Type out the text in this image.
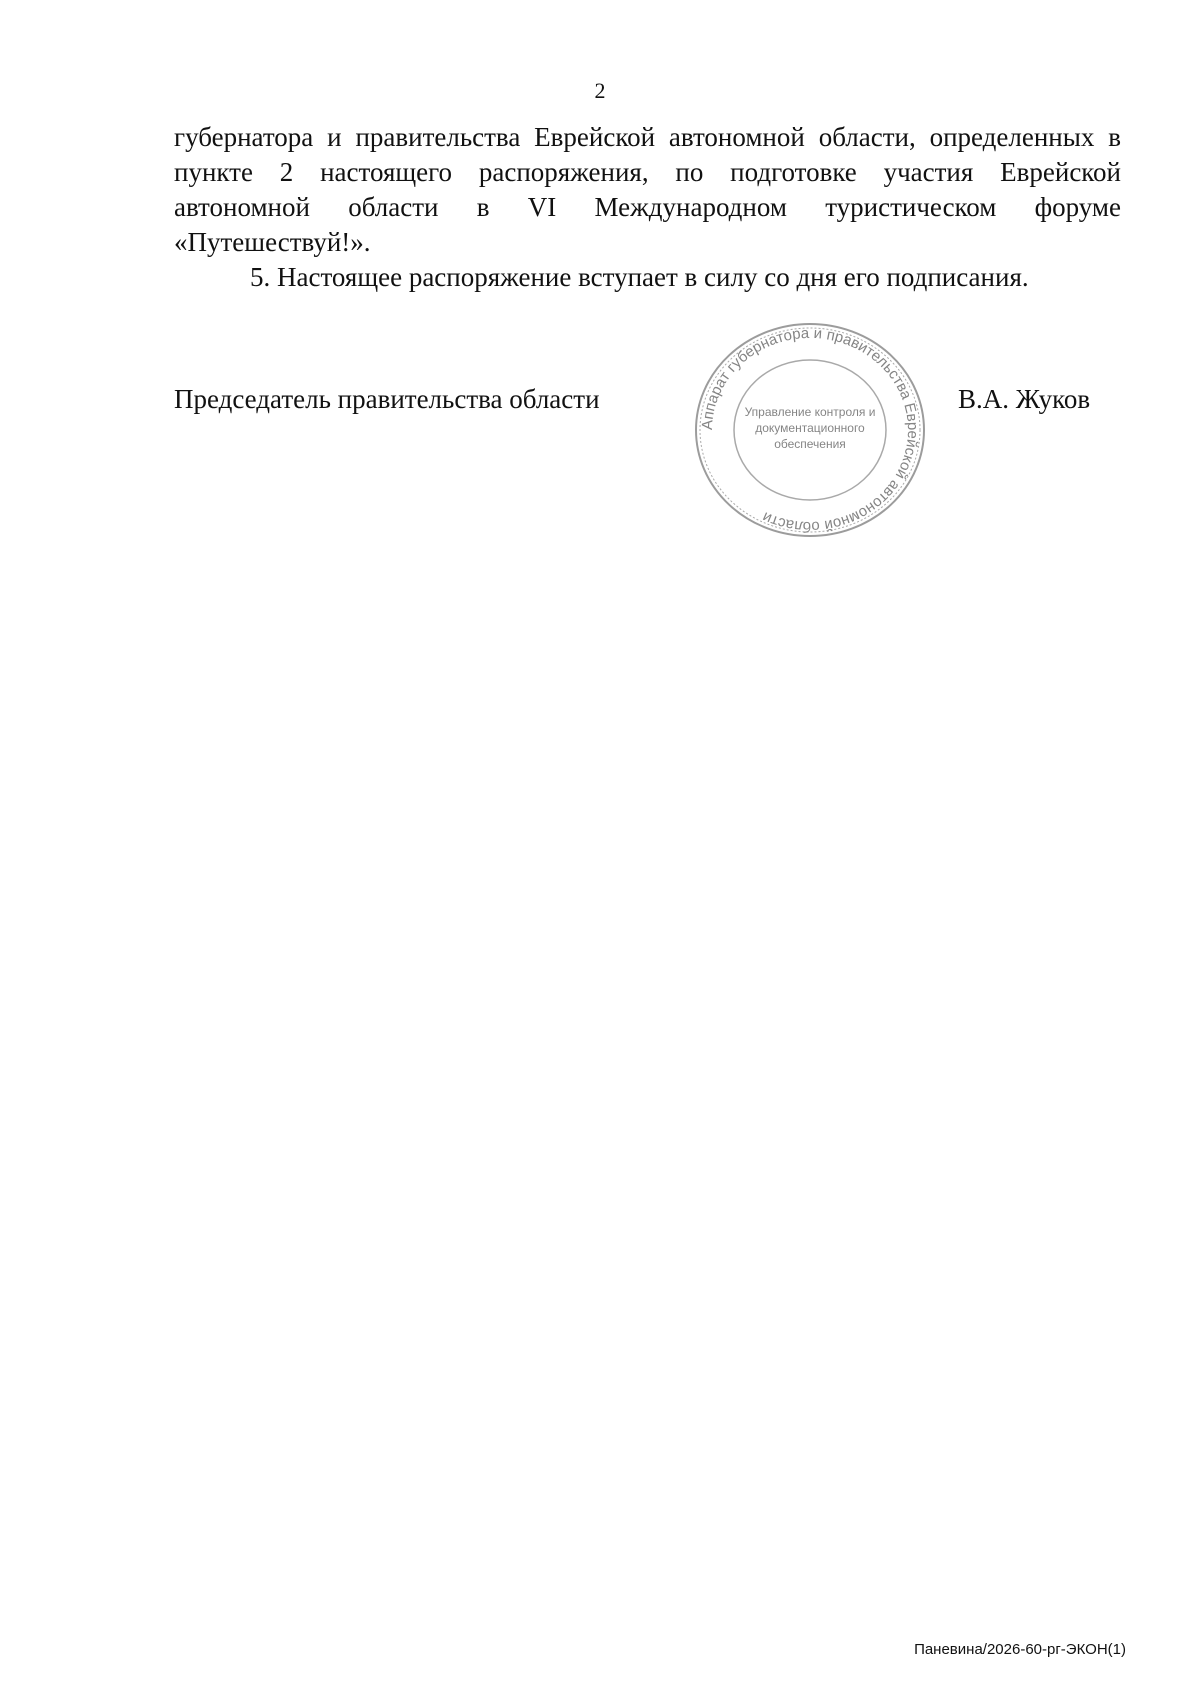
2

губернатора и правительства Еврейской автономной области, определенных в пункте 2 настоящего распоряжения, по подготовке участия Еврейской автономной области в VI Международном туристическом форуме «Путешествуй!».

5. Настоящее распоряжение вступает в силу со дня его подписания.

Председатель правительства области
Аппарат губернатора и правительства Еврейской автономной области
Управление контроля и
документационного
обеспечения
В.А. Жуков
Паневина/2026-60-рг-ЭКОН(1)
